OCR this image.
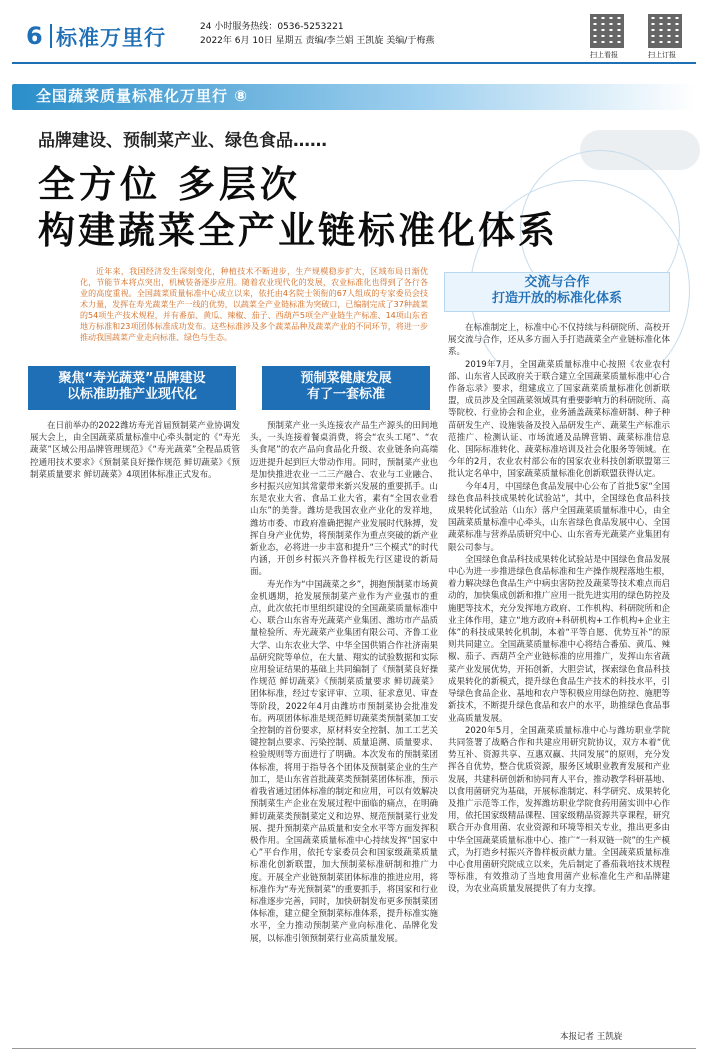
6 标准万里行	24 小时服务热线：0536-5253221
2022年 6月 10日 星期五 责编/李兰娟 王凯旋 美编/于梅燕
扫上看报	扫上订报
全国蔬菜质量标准化万里行 ⑧
品牌建设、预制菜产业、绿色食品……
全方位 多层次
构建蔬菜全产业链标准化体系
近年来，我国经济发生深刻变化，种植技术不断进步，生产规模稳步扩大，区域布局日渐优化，节能节本将点突出，机械装备逐步应用。随着农业现代化的发展，农业标准化也得到了各行各业的高度重视。全国蔬菜质量标准中心成立以来，依托由4名院士领衔的67人组成的专家委员会技术力量，发挥在寿光蔬菜生产一线的优势，以蔬菜全产业链标准为突破口，已编制完成了37种蔬菜的54项生产技术规程，并有番茄、黄瓜、辣椒、茄子、西葫芦5项全产业链生产标准、14项山东省地方标准和23项团体标准成功发布。这些标准涉及多个蔬菜品种及蔬菜产业的不同环节，将进一步推动我国蔬菜产业走向标准、绿色与生态。
交流与合作
打造开放的标准化体系
聚焦“寿光蔬菜”品牌建设
以标准助推产业现代化
预制菜健康发展
有了一套标准

在日前举办的2022潍坊寿光首届预制菜产业协调发展大会上，由全国蔬菜质量标准中心牵头制定的《“寿光蔬菜”区域公用品牌管理规范》《“寿光蔬菜”全程品质管控通用技术要求》《预制菜良好操作规范 鲜切蔬菜》《预制菜质量要求 鲜切蔬菜》4项团体标准正式发布。

预制菜产业一头连接农产品生产源头的田间地头，一头连接着餐桌消费，将会“农头工尾”、“农头食尾”的农产品向食品化升级、农业链条向高端迈进提升起到巨大带动作用。同时，预制菜产业也是加快推进农业一二三产融合、农业与工业融合、乡村振兴应知其常蒙带来新兴发展的重要抓手。山东是农业大省、食品工业大省，素有“全国农业看山东”的美誉。潍坊是我国农业产业化的发祥地，潍坊市委、市政府准确把握产业发展时代脉搏，发挥自身产业优势，将预制菜作为重点突破的新产业新业态，必将进一步丰富和提升“三个模式”的时代内涵，开创乡村振兴齐鲁样板先行区建设的新局面。

寿光作为“中国蔬菜之乡”，拥抱预制菜市场黄金机遇期，抢发展预制菜产业作为产业强市的重点，此次依托市里组织建设的全国蔬菜质量标准中心、联合山东省寿光蔬菜产业集团、潍坊市产品质量检验所、寿光蔬菜产业集团有限公司、齐鲁工业大学、山东农业大学、中华全国供销合作社济南果品研究院等单位，在大量、翔实的试验数据和实际应用验证结果的基础上共同编制了《预制菜良好操作规范 鲜切蔬菜》《预制菜质量要求 鲜切蔬菜》团体标准，经过专家评审、立项、征求意见、审查等阶段，2022年4月由潍坊市预制菜协会批准发布。两项团体标准是规范鲜切蔬菜类预制菜加工安全控制的首份要求，原材料安全控制、加工工艺关键控制点要求、污染控制、质量追溯、质量要求、检验规则等方面进行了明确。本次发布的预制菜团体标准，将用于指导各个团体及预制菜企业的生产加工，是山东省首批蔬菜类预制菜团体标准，预示着我省通过团体标准的制定和应用，可以有效解决预制菜生产企业在发展过程中面临的痛点，在明确鲜切蔬菜类预制菜定义和边界、规范预制菜行业发展、提升预制菜产品质量和安全水平等方面发挥积极作用。全国蔬菜质量标准中心持续发挥“国家中心”平台作用，依托专家委员会和国家级蔬菜质量标准化创新联盟，加大预制菜标准研制和推广力度。开展全产业链预制菜团体标准的推进应用，将标准作为“寿光预制菜”的重要抓手，将国家和行业标准逐步完善，同时，加快研制发布更多预制菜团体标准，建立健全预制菜标准体系，提升标准实施水平，全力推动预制菜产业向标准化、品牌化发展，以标准引领预制菜行业高质量发展。

在标准制定上，标准中心不仅持续与科研院所、高校开展交流与合作，还从多方面入手打造蔬菜全产业链标准化体系。

2019年7月，全国蔬菜质量标准中心按照《农业农村部、山东省人民政府关于联合建立全国蔬菜质量标准中心合作备忘录》要求，组建成立了国家蔬菜质量标准化创新联盟，成员涉及全国蔬菜领域具有重要影响力的科研院所、高等院校、行业协会和企业，业务涵盖蔬菜标准研制、种子种苗研发生产、设施装备及投入品研发生产、蔬菜生产标准示范推广、检测认证、市场流通及品牌营销、蔬菜标准信息化、国际标准转化、蔬菜标准培训及社会化服务等领域。在今年的2月，农业农村部公布的国家农业科技创新联盟第三批认定名单中，国家蔬菜质量标准化创新联盟获得认定。

今年4月，中国绿色食品发展中心公布了首批5家“全国绿色食品科技成果转化试验站”，其中，全国绿色食品科技成果转化试验站（山东）落户全国蔬菜质量标准中心，由全国蔬菜质量标准中心牵头，山东省绿色食品发展中心、全国蔬菜标准与营养品质研究中心、山东省寿光蔬菜产业集团有限公司参与。

全国绿色食品科技成果转化试验站是中国绿色食品发展中心为进一步推进绿色食品标准和生产操作规程落地生根，着力解决绿色食品生产中病虫害防控及蔬菜等技术难点而启动的，加快集成创新和推广应用一批先进实用的绿色防控及施肥等技术，充分发挥地方政府、工作机构、科研院所和企业主体作用，建立“地方政府+科研机构+工作机构+企业主体”的科技成果转化机制，本着“平等自愿、优势互补”的原则共同建立。全国蔬菜质量标准中心将结合番茄、黄瓜、辣椒、茄子、西葫芦全产业链标准的应用推广，发挥山东省蔬菜产业发展优势，开拓创新，大胆尝试，探索绿色食品科技成果转化的新模式，提升绿色食品生产技术的科技水平，引导绿色食品企业、基地和农户等积极应用绿色防控、施肥等新技术，不断提升绿色食品和农户的水平，助推绿色食品事业高质量发展。

2020年5月，全国蔬菜质量标准中心与潍坊职业学院共同签署了战略合作和共建应用研究院协议，双方本着“优势互补、资源共享、互惠双赢、共同发展”的原则，充分发挥各自优势，整合优质资源，服务区域职业教育发展和产业发展，共建科研创新和协同育人平台，推动教学科研基地、以食用菌研究为基础，开展标准制定、科学研究、成果转化及推广示范等工作，发挥潍坊职业学院食药用菌实训中心作用，依托国家级精品课程、国家级精品资源共享课程，研究联合开办食用菌、农业资源和环境等相关专业，推出更多由中华全国蔬菜质量标准中心、推广“一科双链一院”的生产模式，为打造乡村振兴齐鲁样板贡献力量。全国蔬菜质量标准中心食用菌研究院成立以来，先后制定了番茄栽培技术规程等标准，有效推动了当地食用菌产业标准化生产和品牌建设，为农业高质量发展提供了有力支撑。

本报记者 王凯旋
